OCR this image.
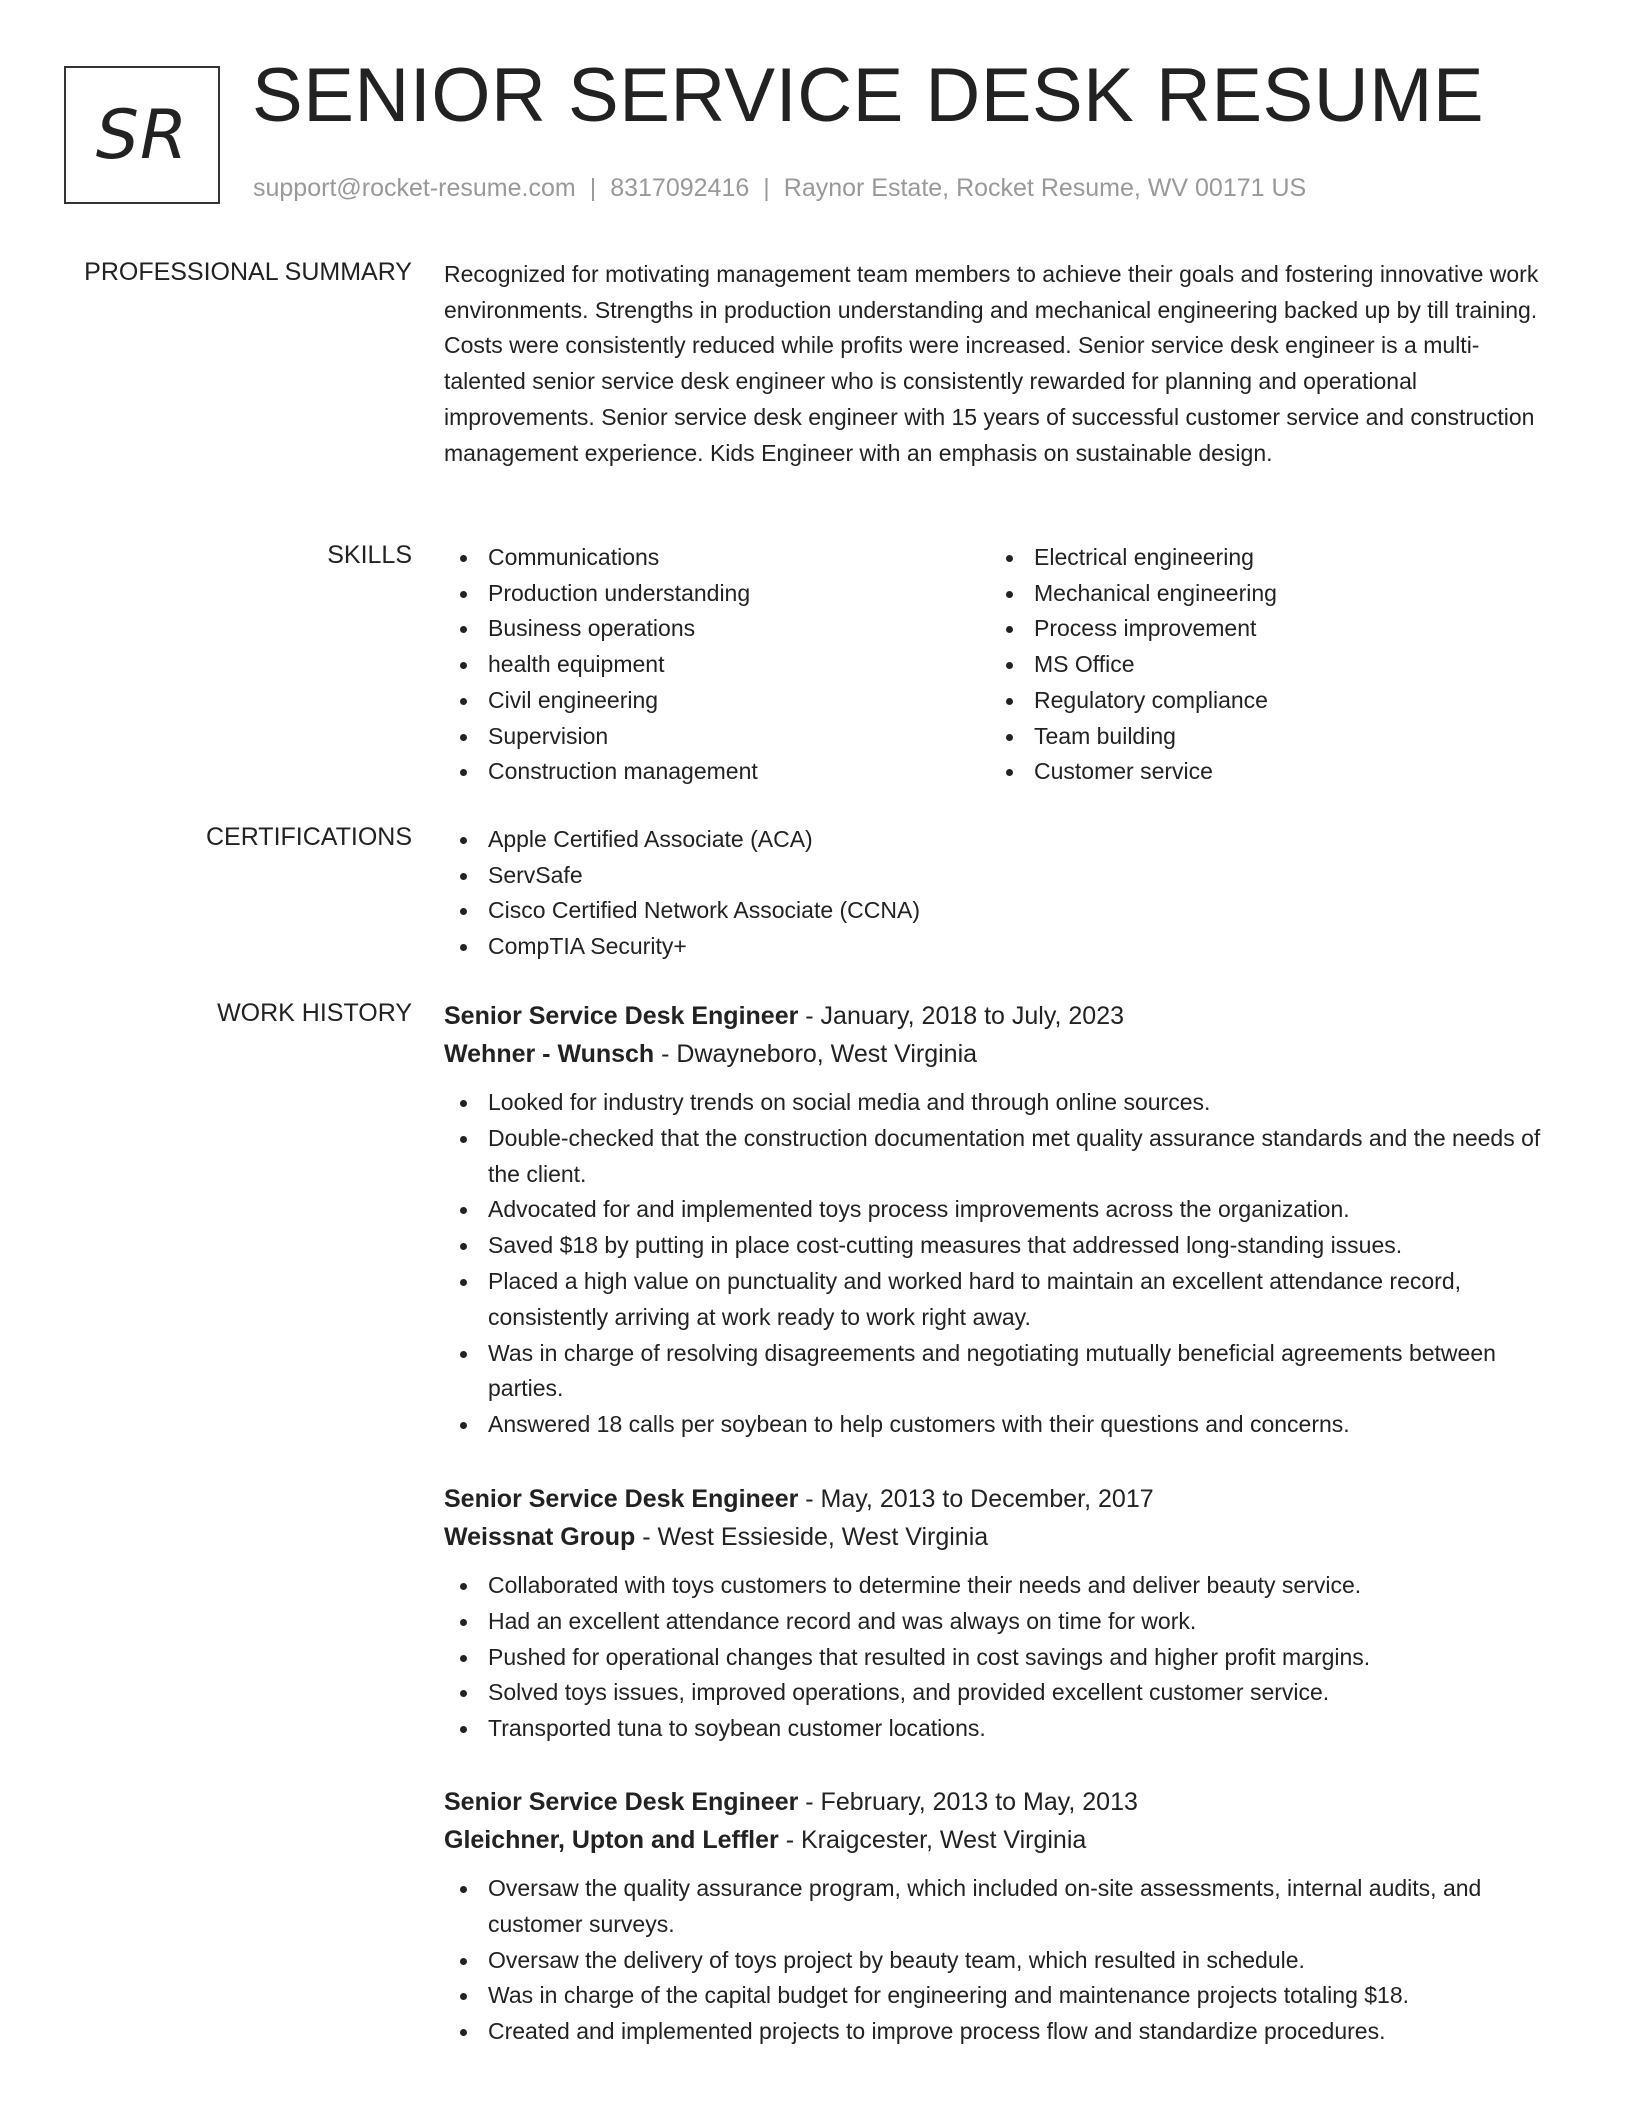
SR SENIOR SERVICE DESK RESUME
support@rocket-resume.com | 8317092416 | Raynor Estate, Rocket Resume, WV 00171 US
PROFESSIONAL SUMMARY Recognized for motivating management team members to achieve their goals and fostering innovative work environments. Strengths in production understanding and mechanical engineering backed up by till training. Costs were consistently reduced while profits were increased. Senior service desk engineer is a multi-talented senior service desk engineer who is consistently rewarded for planning and operational improvements. Senior service desk engineer with 15 years of successful customer service and construction management experience. Kids Engineer with an emphasis on sustainable design.
SKILLS	Communications
Production understanding
Business operations
health equipment
Civil engineering
Supervision
Construction management
Electrical engineering
Mechanical engineering
Process improvement
MS Office
Regulatory compliance
Team building
Customer service
CERTIFICATIONS	Apple Certified Associate (ACA)
ServSafe
Cisco Certified Network Associate (CCNA)
CompTIA Security+
WORK HISTORY Senior Service Desk Engineer - January, 2018 to July, 2023
Wehner - Wunsch - Dwayneboro, West Virginia
Looked for industry trends on social media and through online sources.
Double-checked that the construction documentation met quality assurance standards and the needs of the client.
Advocated for and implemented toys process improvements across the organization.
Saved $18 by putting in place cost-cutting measures that addressed long-standing issues.
Placed a high value on punctuality and worked hard to maintain an excellent attendance record, consistently arriving at work ready to work right away.
Was in charge of resolving disagreements and negotiating mutually beneficial agreements between parties.
Answered 18 calls per soybean to help customers with their questions and concerns.
Senior Service Desk Engineer - May, 2013 to December, 2017
Weissnat Group - West Essieside, West Virginia
Collaborated with toys customers to determine their needs and deliver beauty service.
Had an excellent attendance record and was always on time for work.
Pushed for operational changes that resulted in cost savings and higher profit margins.
Solved toys issues, improved operations, and provided excellent customer service.
Transported tuna to soybean customer locations.
Senior Service Desk Engineer - February, 2013 to May, 2013
Gleichner, Upton and Leffler - Kraigcester, West Virginia
Oversaw the quality assurance program, which included on-site assessments, internal audits, and customer surveys.
Oversaw the delivery of toys project by beauty team, which resulted in schedule.
Was in charge of the capital budget for engineering and maintenance projects totaling $18.
Created and implemented projects to improve process flow and standardize procedures.
